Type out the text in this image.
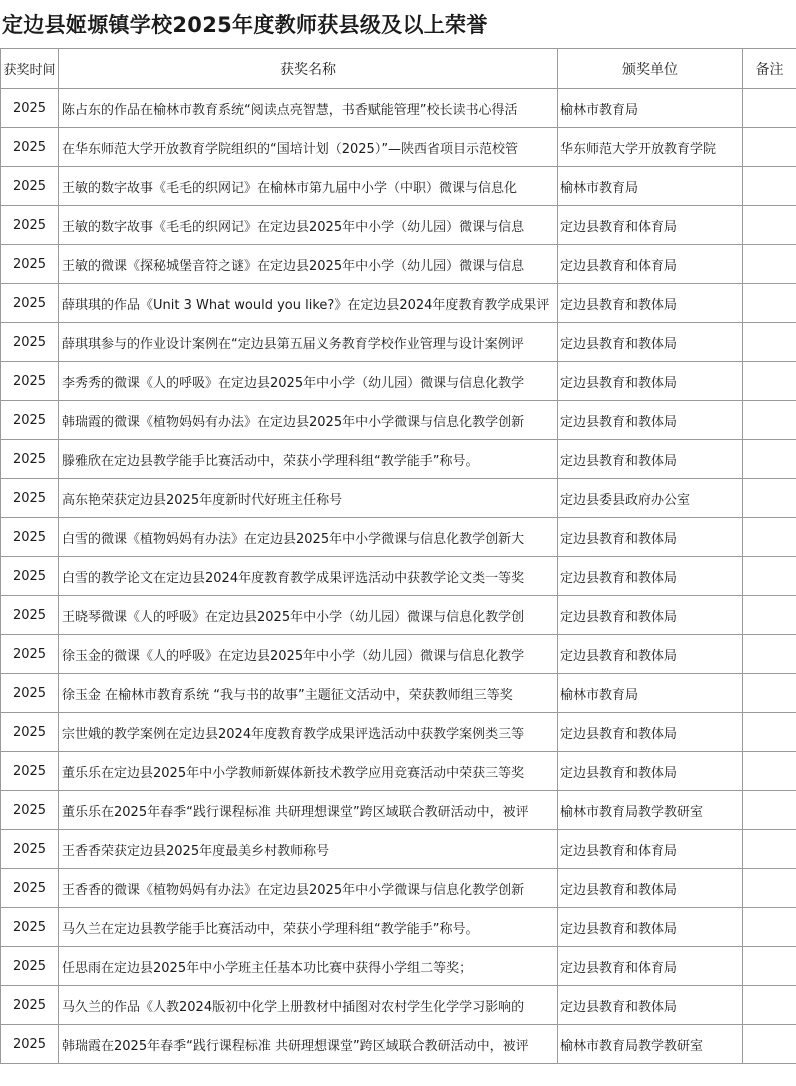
定边县姬塬镇学校2025年度教师获县级及以上荣誉
获奖时间	获奖名称	颁奖单位	备注

2025	陈占东的作品在榆林市教育系统“阅读点亮智慧，书香赋能管理”校长读书心得活	榆林市教育局	

2025	在华东师范大学开放教育学院组织的“国培计划（2025）”—陕西省项目示范校管	华东师范大学开放教育学院	

2025	王敏的数字故事《毛毛的织网记》在榆林市第九届中小学（中职）微课与信息化	榆林市教育局	

2025	王敏的数字故事《毛毛的织网记》在定边县2025年中小学（幼儿园）微课与信息	定边县教育和体育局	

2025	王敏的微课《探秘城堡音符之谜》在定边县2025年中小学（幼儿园）微课与信息	定边县教育和体育局	

2025	薛琪琪的作品《Unit 3 What would you like?》在定边县2024年度教育教学成果评	定边县教育和教体局	

2025	薛琪琪参与的作业设计案例在“定边县第五届义务教育学校作业管理与设计案例评	定边县教育和教体局	

2025	李秀秀的微课《人的呼吸》在定边县2025年中小学（幼儿园）微课与信息化教学	定边县教育和教体局	

2025	韩瑞霞的微课《植物妈妈有办法》在定边县2025年中小学微课与信息化教学创新	定边县教育和教体局	

2025	滕雅欣在定边县教学能手比赛活动中，荣获小学理科组“教学能手”称号。	定边县教育和教体局	

2025	高东艳荣获定边县2025年度新时代好班主任称号	定边县委县政府办公室	

2025	白雪的微课《植物妈妈有办法》在定边县2025年中小学微课与信息化教学创新大	定边县教育和教体局	

2025	白雪的教学论文在定边县2024年度教育教学成果评选活动中获教学论文类一等奖	定边县教育和教体局	

2025	王晓琴微课《人的呼吸》在定边县2025年中小学（幼儿园）微课与信息化教学创	定边县教育和教体局	

2025	徐玉金的微课《人的呼吸》在定边县2025年中小学（幼儿园）微课与信息化教学	定边县教育和教体局	

2025	徐玉金 在榆林市教育系统 “我与书的故事”主题征文活动中，荣获教师组三等奖	榆林市教育局	

2025	宗世娥的教学案例在定边县2024年度教育教学成果评选活动中获教学案例类三等	定边县教育和教体局	

2025	董乐乐在定边县2025年中小学教师新媒体新技术教学应用竞赛活动中荣获三等奖	定边县教育和教体局	

2025	董乐乐在2025年春季“践行课程标准 共研理想课堂”跨区域联合教研活动中，被评	榆林市教育局教学教研室	

2025	王香香荣获定边县2025年度最美乡村教师称号	定边县教育和体育局	

2025	王香香的微课《植物妈妈有办法》在定边县2025年中小学微课与信息化教学创新	定边县教育和教体局	

2025	马久兰在定边县教学能手比赛活动中，荣获小学理科组“教学能手”称号。	定边县教育和教体局	

2025	任思雨在定边县2025年中小学班主任基本功比赛中获得小学组二等奖；	定边县教育和体育局	

2025	马久兰的作品《人教2024版初中化学上册教材中插图对农村学生化学学习影响的	定边县教育和教体局	

2025	韩瑞霞在2025年春季“践行课程标准 共研理想课堂”跨区域联合教研活动中，被评	榆林市教育局教学教研室	
